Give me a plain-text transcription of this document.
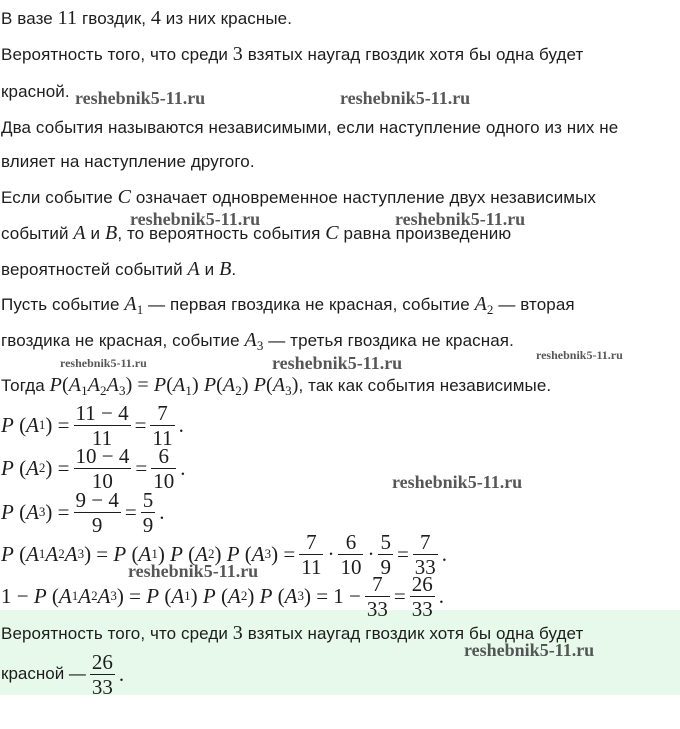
В вазе 11 гвоздик, 4 из них красные.
Вероятность того, что среди 3 взятых наугад гвоздик хотя бы одна будет
красной.
Два события называются независимыми, если наступление одного из них не
влияет на наступление другого.
Если событие C означает одновременное наступление двух независимых
событий A и B, то вероятность события C равна произведению
вероятностей событий A и B.
Пусть событие $A_1$ — первая гвоздика не красная, событие $A_2$ — вторая
гвоздика не красная, событие $A_3$ — третья гвоздика не красная.
Тогда $P(A_1A_2A_3) = P(A_1)$ $P(A_2)$ $P(A_3)$, так как события независимые.
P ( A 1 ) = $\frac{11 - 4}{11} = \frac{7}{11}$ .
P ( A 2 ) = $\frac{10 - 4}{10} = \frac{6}{10}$ .
P ( A 3 ) = $\frac{9 - 4}{9} = \frac{5}{9}$ .
P ( A 1 A 2 A 3 ) = P ( A 1 ) P ( A 2 ) P ( A 3 ) = $\frac{7}{11} \cdot \frac{6}{10} \cdot \frac{5}{9} = \frac{7}{33}$ .
1 − P ( A 1 A 2 A 3 ) = P ( A 1 ) P ( A 2 ) P ( A 3 ) = $1 - \frac{7}{33} = \frac{26}{33}$ .
Вероятность того, что среди 3 взятых наугад гвоздик хотя бы одна будет
красной — $\frac{26}{33}$ .
reshebnik5-11.ru	reshebnik5-11.ru
reshebnik5-11.ru	reshebnik5-11.ru
reshebnik5-11.ru	reshebnik5-11.ru	reshebnik5-11.ru
reshebnik5-11.ru
reshebnik5-11.ru
reshebnik5-11.ru
